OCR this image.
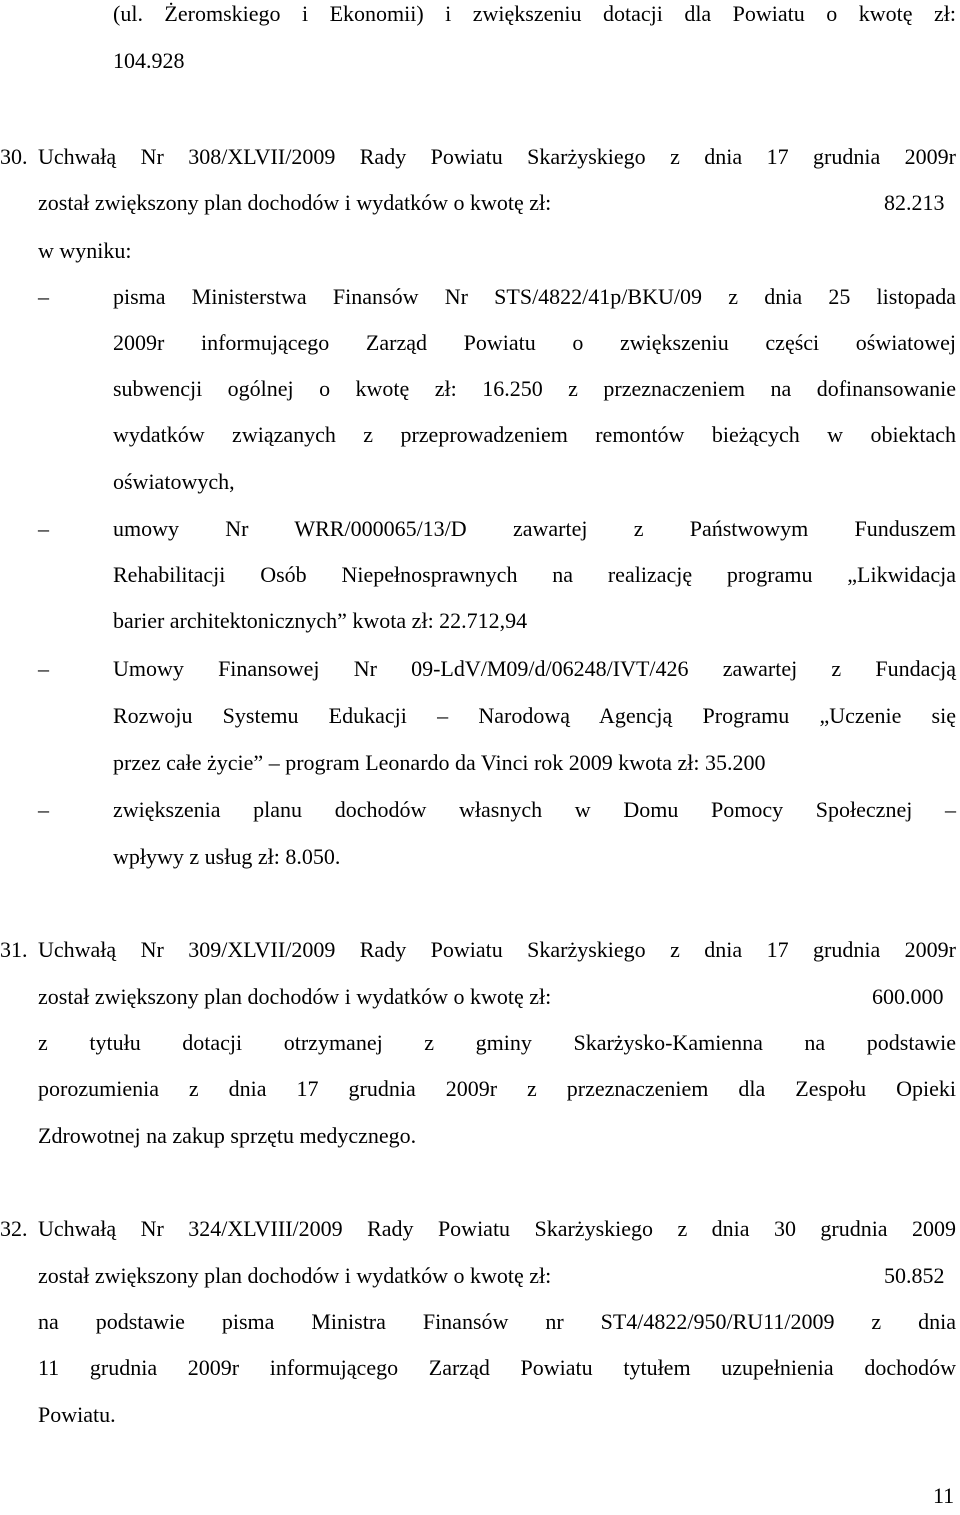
(ul. Żeromskiego i Ekonomii) i zwiększeniu dotacji dla Powiatu o kwotę zł:
104.928
30. Uchwałą Nr 308/XLVII/2009 Rady Powiatu Skarżyskiego z dnia 17 grudnia 2009r
został zwiększony plan dochodów i wydatków o kwotę zł:	82.213
w wyniku:
–	pisma Ministerstwa Finansów Nr STS/4822/41p/BKU/09 z dnia 25 listopada
2009r informującego Zarząd Powiatu o zwiększeniu części oświatowej
subwencji ogólnej o kwotę zł: 16.250 z przeznaczeniem na dofinansowanie
wydatków związanych z przeprowadzeniem remontów bieżących w obiektach
oświatowych,
–	umowy Nr WRR/000065/13/D zawartej z Państwowym Funduszem
Rehabilitacji Osób Niepełnosprawnych na realizację programu „Likwidacja
barier architektonicznych” kwota zł: 22.712,94
–	Umowy Finansowej Nr 09-LdV/M09/d/06248/IVT/426 zawartej z Fundacją
Rozwoju Systemu Edukacji – Narodową Agencją Programu „Uczenie się
przez całe życie” – program Leonardo da Vinci rok 2009 kwota zł: 35.200
–	zwiększenia planu dochodów własnych w Domu Pomocy Społecznej –
wpływy z usług zł: 8.050.
31. Uchwałą Nr 309/XLVII/2009 Rady Powiatu Skarżyskiego z dnia 17 grudnia 2009r
został zwiększony plan dochodów i wydatków o kwotę zł:	600.000
z tytułu dotacji otrzymanej z gminy Skarżysko-Kamienna na podstawie
porozumienia z dnia 17 grudnia 2009r z przeznaczeniem dla Zespołu Opieki
Zdrowotnej na zakup sprzętu medycznego.
32. Uchwałą Nr 324/XLVIII/2009 Rady Powiatu Skarżyskiego z dnia 30 grudnia 2009
został zwiększony plan dochodów i wydatków o kwotę zł:	50.852
na podstawie pisma Ministra Finansów nr ST4/4822/950/RU11/2009 z dnia
11 grudnia 2009r informującego Zarząd Powiatu tytułem uzupełnienia dochodów
Powiatu.
11
